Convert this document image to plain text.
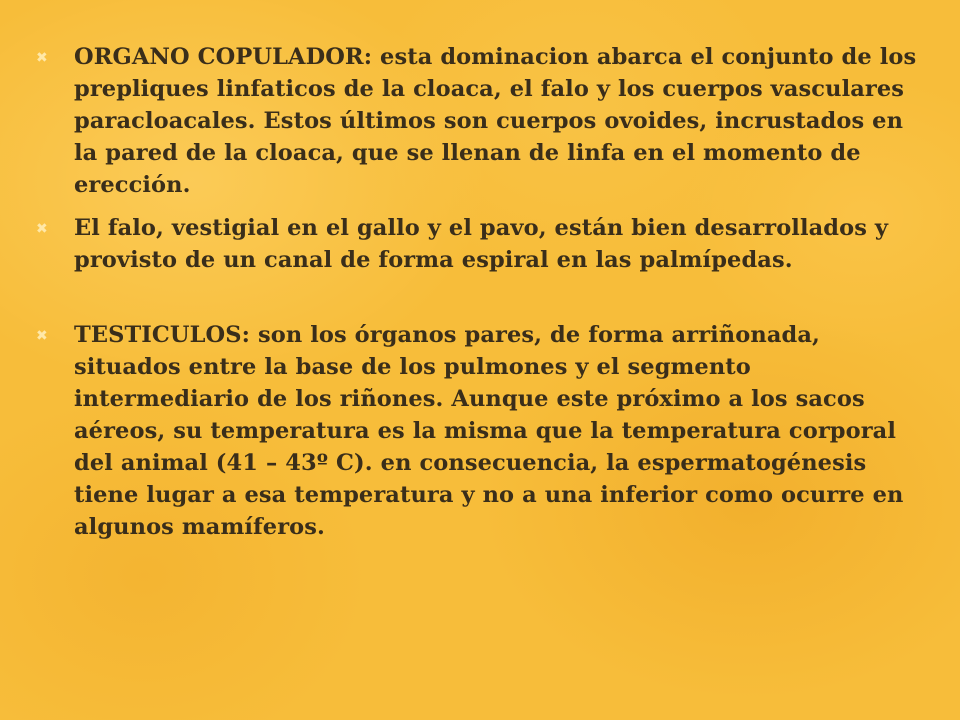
✖	ORGANO COPULADOR: esta dominacion abarca el conjunto de los prepliques linfaticos de la cloaca, el falo y los cuerpos vasculares paracloacales. Estos últimos son cuerpos ovoides, incrustados en la pared de la cloaca, que se llenan de linfa en el momento de erección.
✖	El falo, vestigial en el gallo y el pavo, están bien desarrollados y provisto de un canal de forma espiral en las palmípedas.
✖	TESTICULOS: son los órganos pares, de forma arriñonada, situados entre la base de los pulmones y el segmento intermediario de los riñones. Aunque este próximo a los sacos aéreos, su temperatura es la misma que la temperatura corporal del animal (41 – 43º C). en consecuencia, la espermatogénesis tiene lugar a esa temperatura y no a una inferior como ocurre en algunos mamíferos.
